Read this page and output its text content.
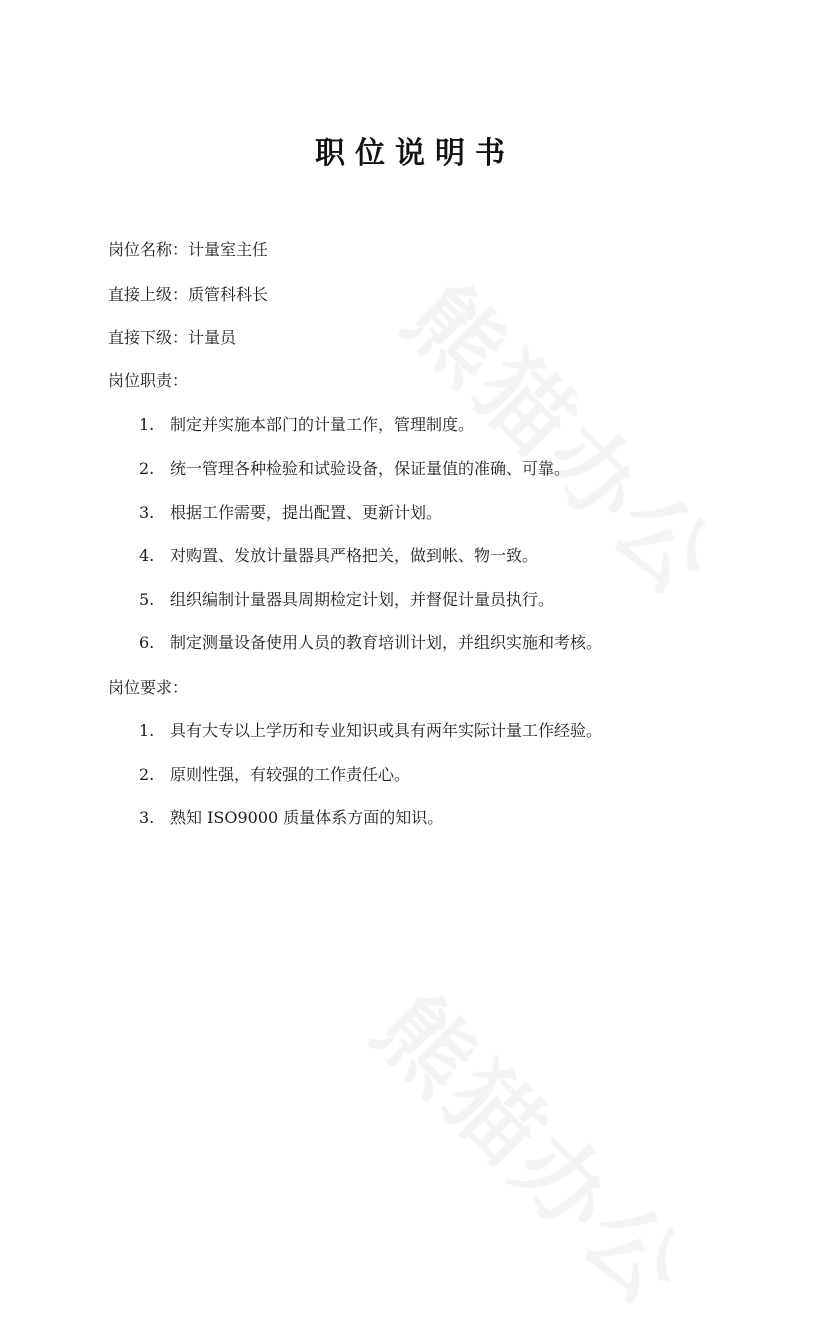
职位说明书
岗位名称：计量室主任
直接上级：质管科科长
直接下级：计量员
岗位职责：
1. 制定并实施本部门的计量工作，管理制度。
2. 统一管理各种检验和试验设备，保证量值的准确、可靠。
3. 根据工作需要，提出配置、更新计划。
4. 对购置、发放计量器具严格把关，做到帐、物一致。
5. 组织编制计量器具周期检定计划，并督促计量员执行。
6. 制定测量设备使用人员的教育培训计划，并组织实施和考核。
岗位要求：
1. 具有大专以上学历和专业知识或具有两年实际计量工作经验。
2. 原则性强，有较强的工作责任心。
3. 熟知 ISO9000 质量体系方面的知识。
